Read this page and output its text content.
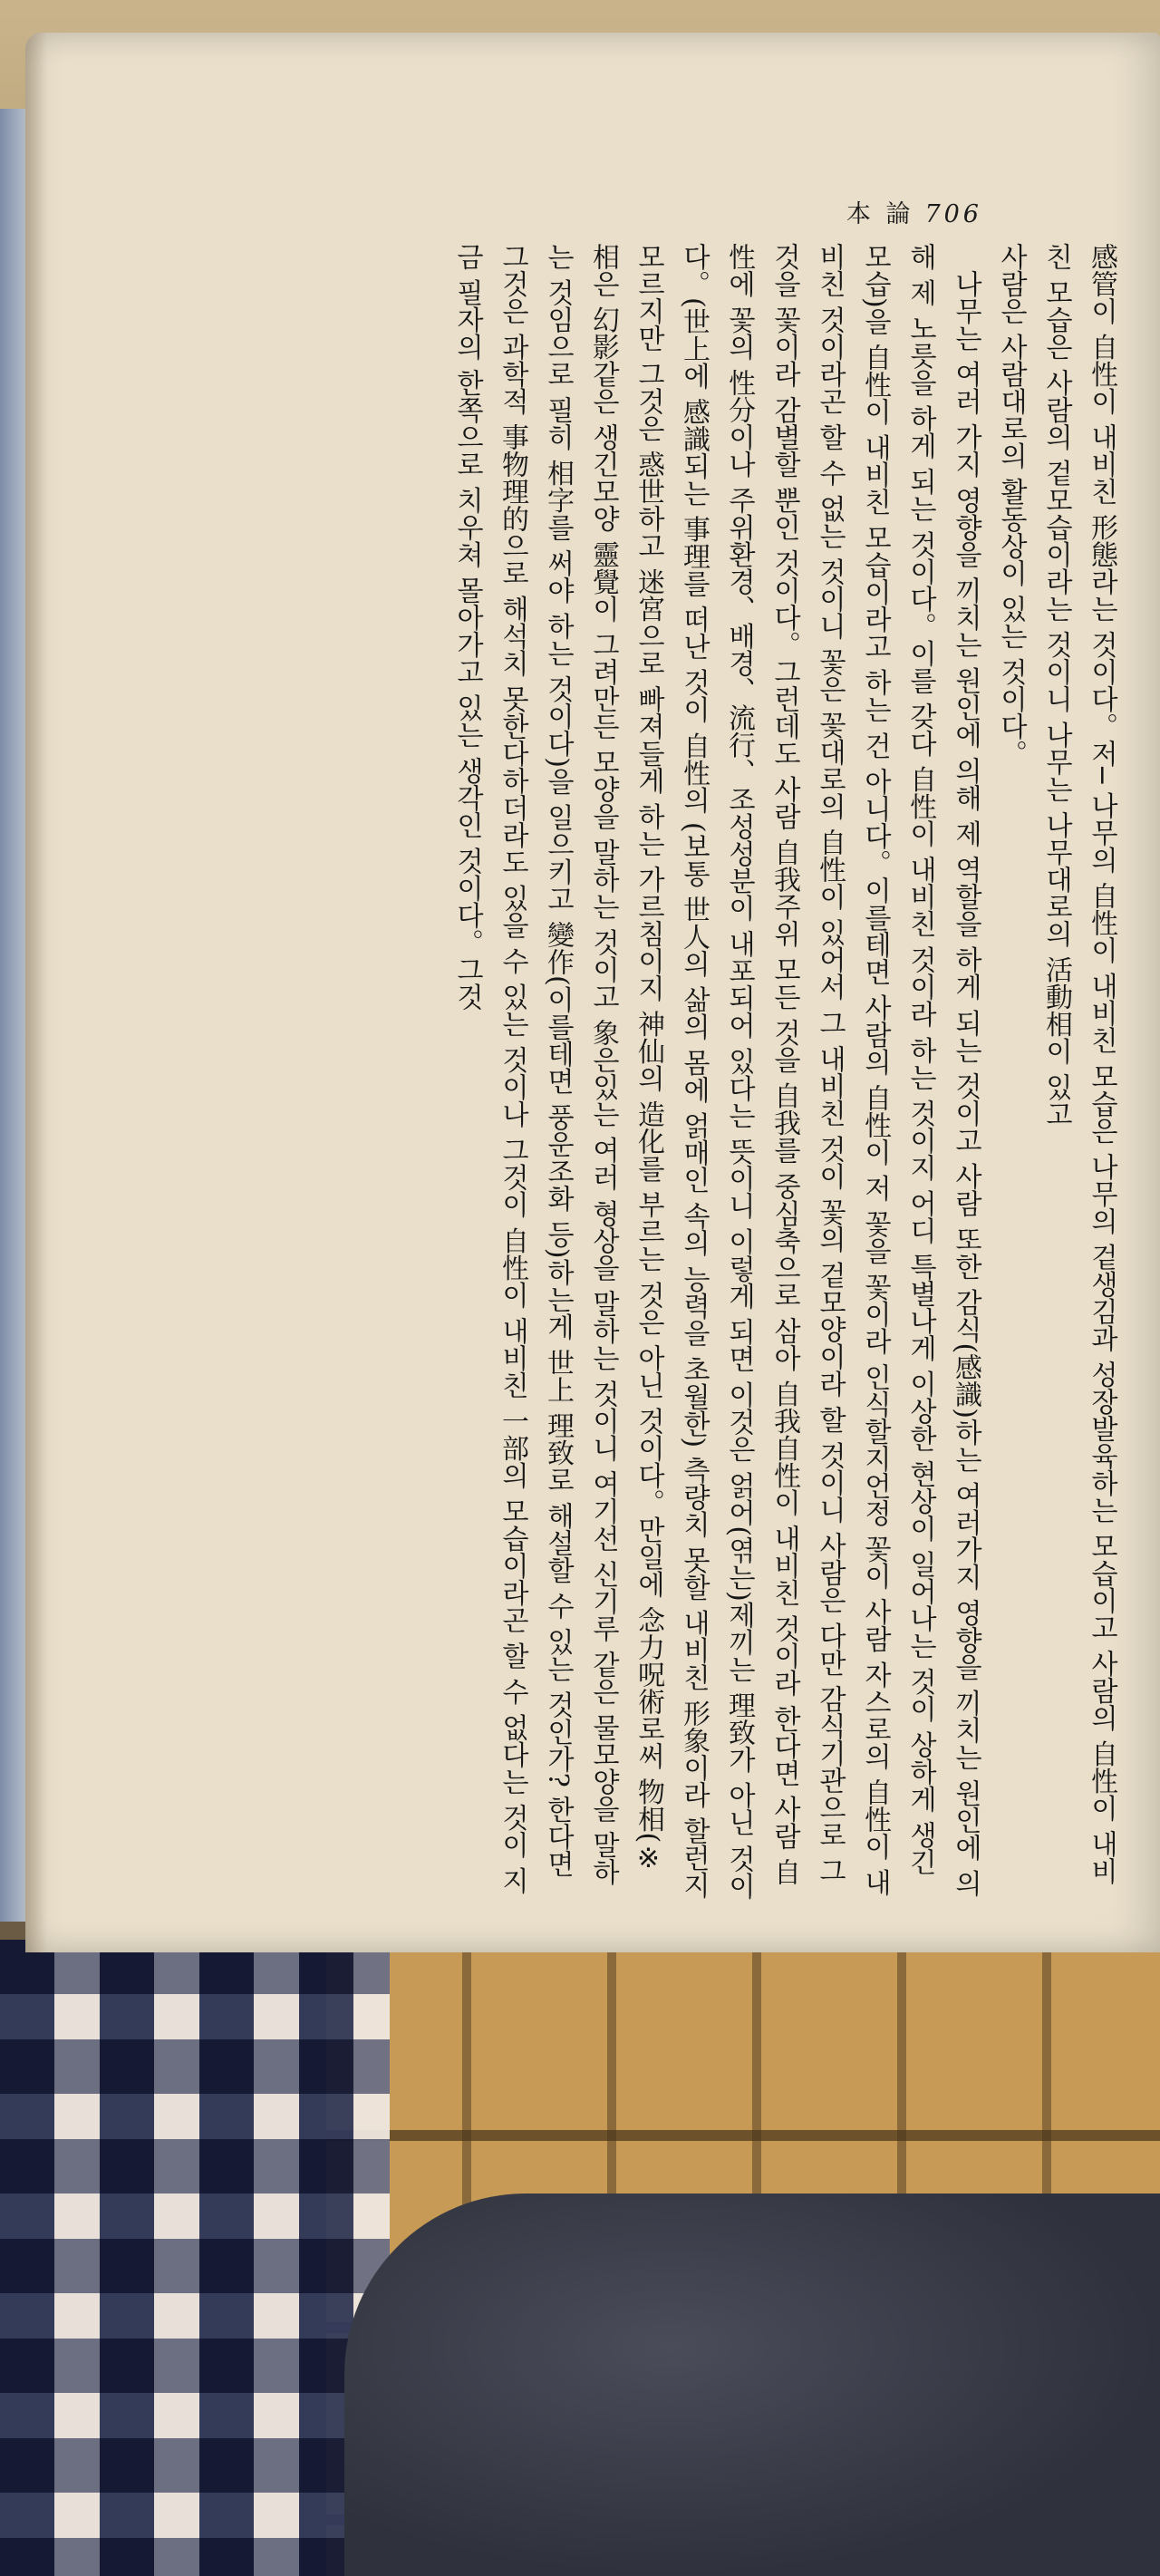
本 論 706

感管이 自性이 내비친 形態라는 것이다。저─ 나무의 自性이 내비친 모습은 나무의 겉생김과 성장발육하는 모습이고 사람의 自性이 내비친 모습은 사람의 겉모습이라는 것이니 나무는 나무대로의 活動相이 있고

사람은 사람대로의 활동상이 있는 것이다。

나무는 여러 가지 영향을 끼치는 원인에 의해 제 역할을 하게 되는 것이고 사람 또한 감식(感識)하는 여러가지 영향을 끼치는 원인에 의해 제 노릇을 하게 되는 것이다。이를 갖다 自性이 내비친 것이라 하는 것이지 어디 특별나게 이상한 현상이 일어나는 것이 상하게 생긴 모습)을 自性이 내비친 모습이라고 하는 건 아니다。이를테면 사람의 自性이 저 꽃을 꽃이라 인식할지언정 꽃이 사람 자스로의 自性이 내비친 것이라곤 할 수 없는 것이니 꽃은 꽃대로의 自性이 있어서 그 내비친 것이 꽃의 겉모양이라 할 것이니 사람은 다만 감식기관으로 그것을 꽃이라 감별할 뿐인 것이다。그런데도 사람 自我주위 모든 것을 自我를 중심축으로 삼아 自我自性이 내비친 것이라 한다면 사람 自性에 꽃의 性分이나 주위환경、배경、流行、조성성분이 내포되어 있다는 뜻이니 이렇게 되면 이것은 얽어(엮는)제끼는 理致가 아닌 것이다。(世上에 感識되는 事理를 떠난 것이 自性의 (보통 世人의 삶의 몸에 얽매인 속의 능력을 초월한) 측량치 못할 내비친 形象이라 할런지 모르지만 그것은 惑世하고 迷宮으로 빠져들게 하는 가르침이지 神仙의 造化를 부르는 것은 아닌 것이다。만일에 念力呪術로써 物相(※ 相은 幻影같은 생긴모양 靈覺이 그려만든 모양을 말하는 것이고 象은있는 여러 형상을 말하는 것이니 여기선 신기루 같은 물모양을 말하는 것임으로 필히 相字를 써야 하는 것이다)을 일으키고 變作(이를테면 풍운조화 등)하는게 世上 理致로 해설할 수 있는 것인가? 한다면 그것은 과학적 事物理的으로 해석치 못한다하더라도 있을 수 있는 것이나 그것이 自性이 내비친 一部의 모습이라곤 할 수 없다는 것이 지금 필자의 한쪽으로 치우쳐 몰아가고 있는 생각인 것이다。그것
